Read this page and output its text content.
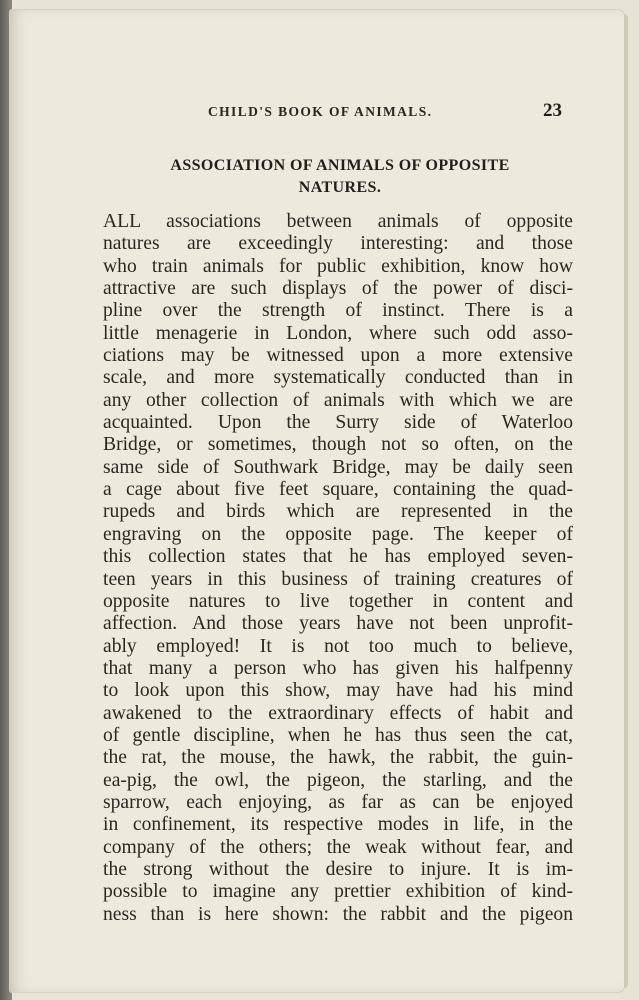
CHILD'S BOOK OF ANIMALS.	23
ASSOCIATION OF ANIMALS OF OPPOSITE
NATURES.
ALL associations between animals of opposite
natures are exceedingly interesting: and those
who train animals for public exhibition, know how
attractive are such displays of the power of disci-
pline over the strength of instinct. There is a
little menagerie in London, where such odd asso-
ciations may be witnessed upon a more extensive
scale, and more systematically conducted than in
any other collection of animals with which we are
acquainted. Upon the Surry side of Waterloo
Bridge, or sometimes, though not so often, on the
same side of Southwark Bridge, may be daily seen
a cage about five feet square, containing the quad-
rupeds and birds which are represented in the
engraving on the opposite page. The keeper of
this collection states that he has employed seven-
teen years in this business of training creatures of
opposite natures to live together in content and
affection. And those years have not been unprofit-
ably employed! It is not too much to believe,
that many a person who has given his halfpenny
to look upon this show, may have had his mind
awakened to the extraordinary effects of habit and
of gentle discipline, when he has thus seen the cat,
the rat, the mouse, the hawk, the rabbit, the guin-
ea-pig, the owl, the pigeon, the starling, and the
sparrow, each enjoying, as far as can be enjoyed
in confinement, its respective modes in life, in the
company of the others; the weak without fear, and
the strong without the desire to injure. It is im-
possible to imagine any prettier exhibition of kind-
ness than is here shown: the rabbit and the pigeon
